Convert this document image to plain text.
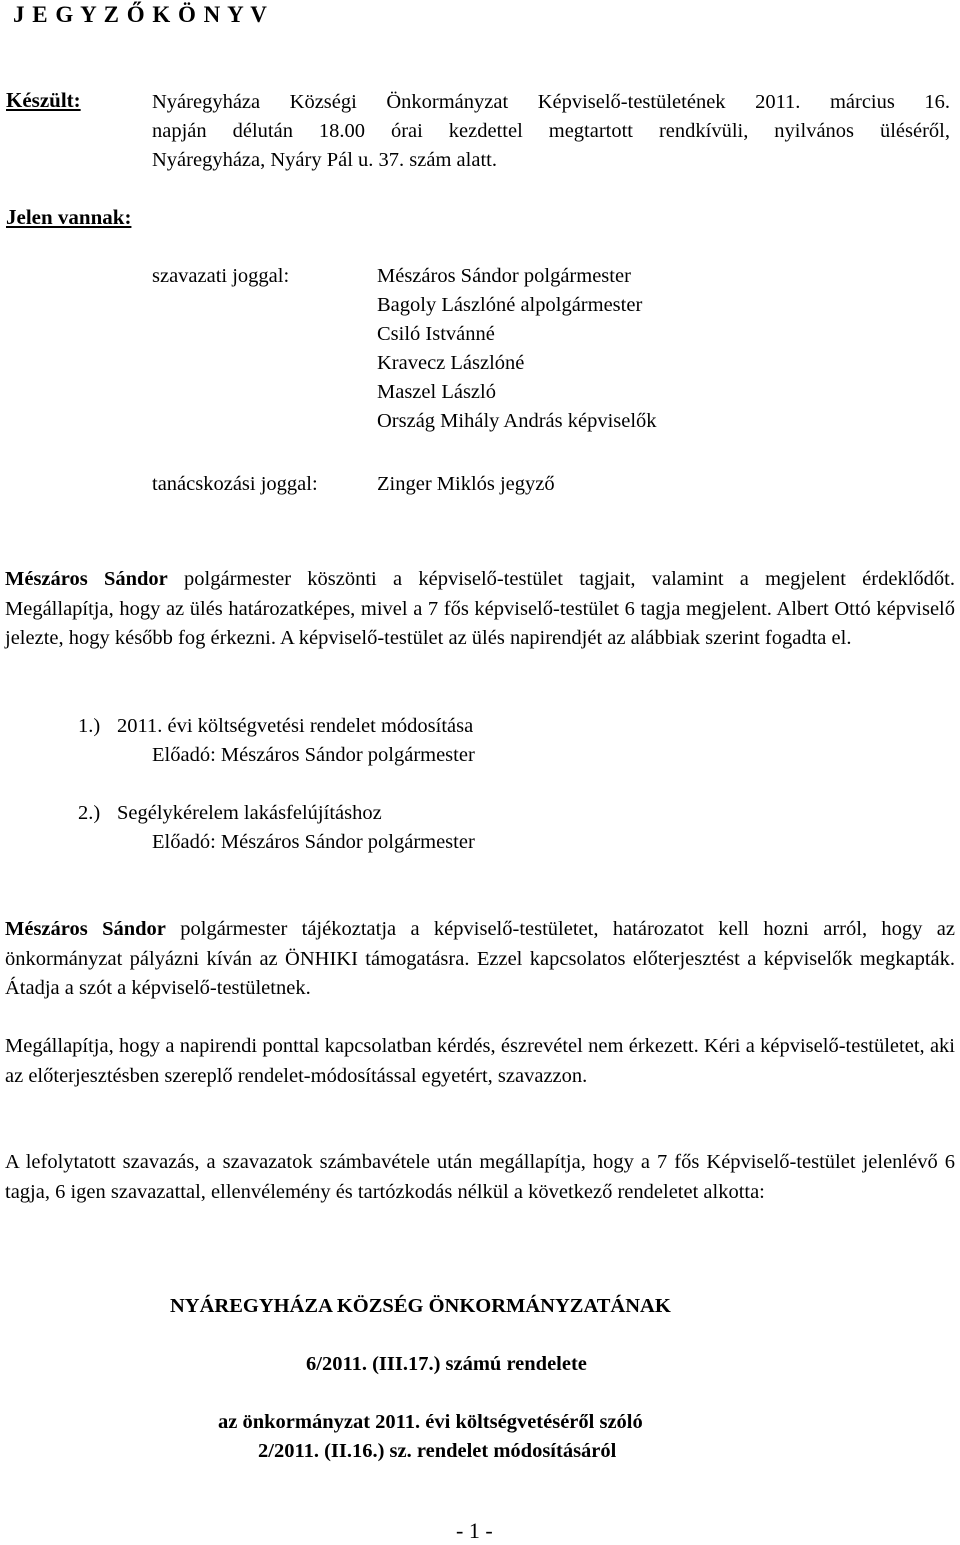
J E G Y Z Ő K Ö N Y V
Készült:	Nyáregyháza Községi Önkormányzat Képviselő-testületének 2011. március 16.
napján délután 18.00 órai kezdettel megtartott rendkívüli, nyilvános üléséről,
Nyáregyháza, Nyáry Pál u. 37. szám alatt.
Jelen vannak:
szavazati joggal:	Mészáros Sándor polgármester
Bagoly Lászlóné alpolgármester
Csiló Istvánné
Kravecz Lászlóné
Maszel László
Ország Mihály András képviselők
tanácskozási joggal:	Zinger Miklós jegyző
Mészáros Sándor polgármester köszönti a képviselő-testület tagjait, valamint a megjelent érdeklődőt. Megállapítja, hogy az ülés határozatképes, mivel a 7 fős képviselő-testület 6 tagja megjelent. Albert Ottó képviselő jelezte, hogy később fog érkezni. A képviselő-testület az ülés napirendjét az alábbiak szerint fogadta el.
1.) 2011. évi költségvetési rendelet módosítása
Előadó: Mészáros Sándor polgármester
2.) Segélykérelem lakásfelújításhoz
Előadó: Mészáros Sándor polgármester
Mészáros Sándor polgármester tájékoztatja a képviselő-testületet, határozatot kell hozni arról, hogy az önkormányzat pályázni kíván az ÖNHIKI támogatásra. Ezzel kapcsolatos előterjesztést a képviselők megkapták. Átadja a szót a képviselő-testületnek.
Megállapítja, hogy a napirendi ponttal kapcsolatban kérdés, észrevétel nem érkezett. Kéri a képviselő-testületet, aki az előterjesztésben szereplő rendelet-módosítással egyetért, szavazzon.
A lefolytatott szavazás, a szavazatok számbavétele után megállapítja, hogy a 7 fős Képviselő-testület jelenlévő 6 tagja, 6 igen szavazattal, ellenvélemény és tartózkodás nélkül a következő rendeletet alkotta:
NYÁREGYHÁZA KÖZSÉG ÖNKORMÁNYZATÁNAK
6/2011. (III.17.) számú rendelete
az önkormányzat 2011. évi költségvetéséről szóló
2/2011. (II.16.) sz. rendelet módosításáról
- 1 -
